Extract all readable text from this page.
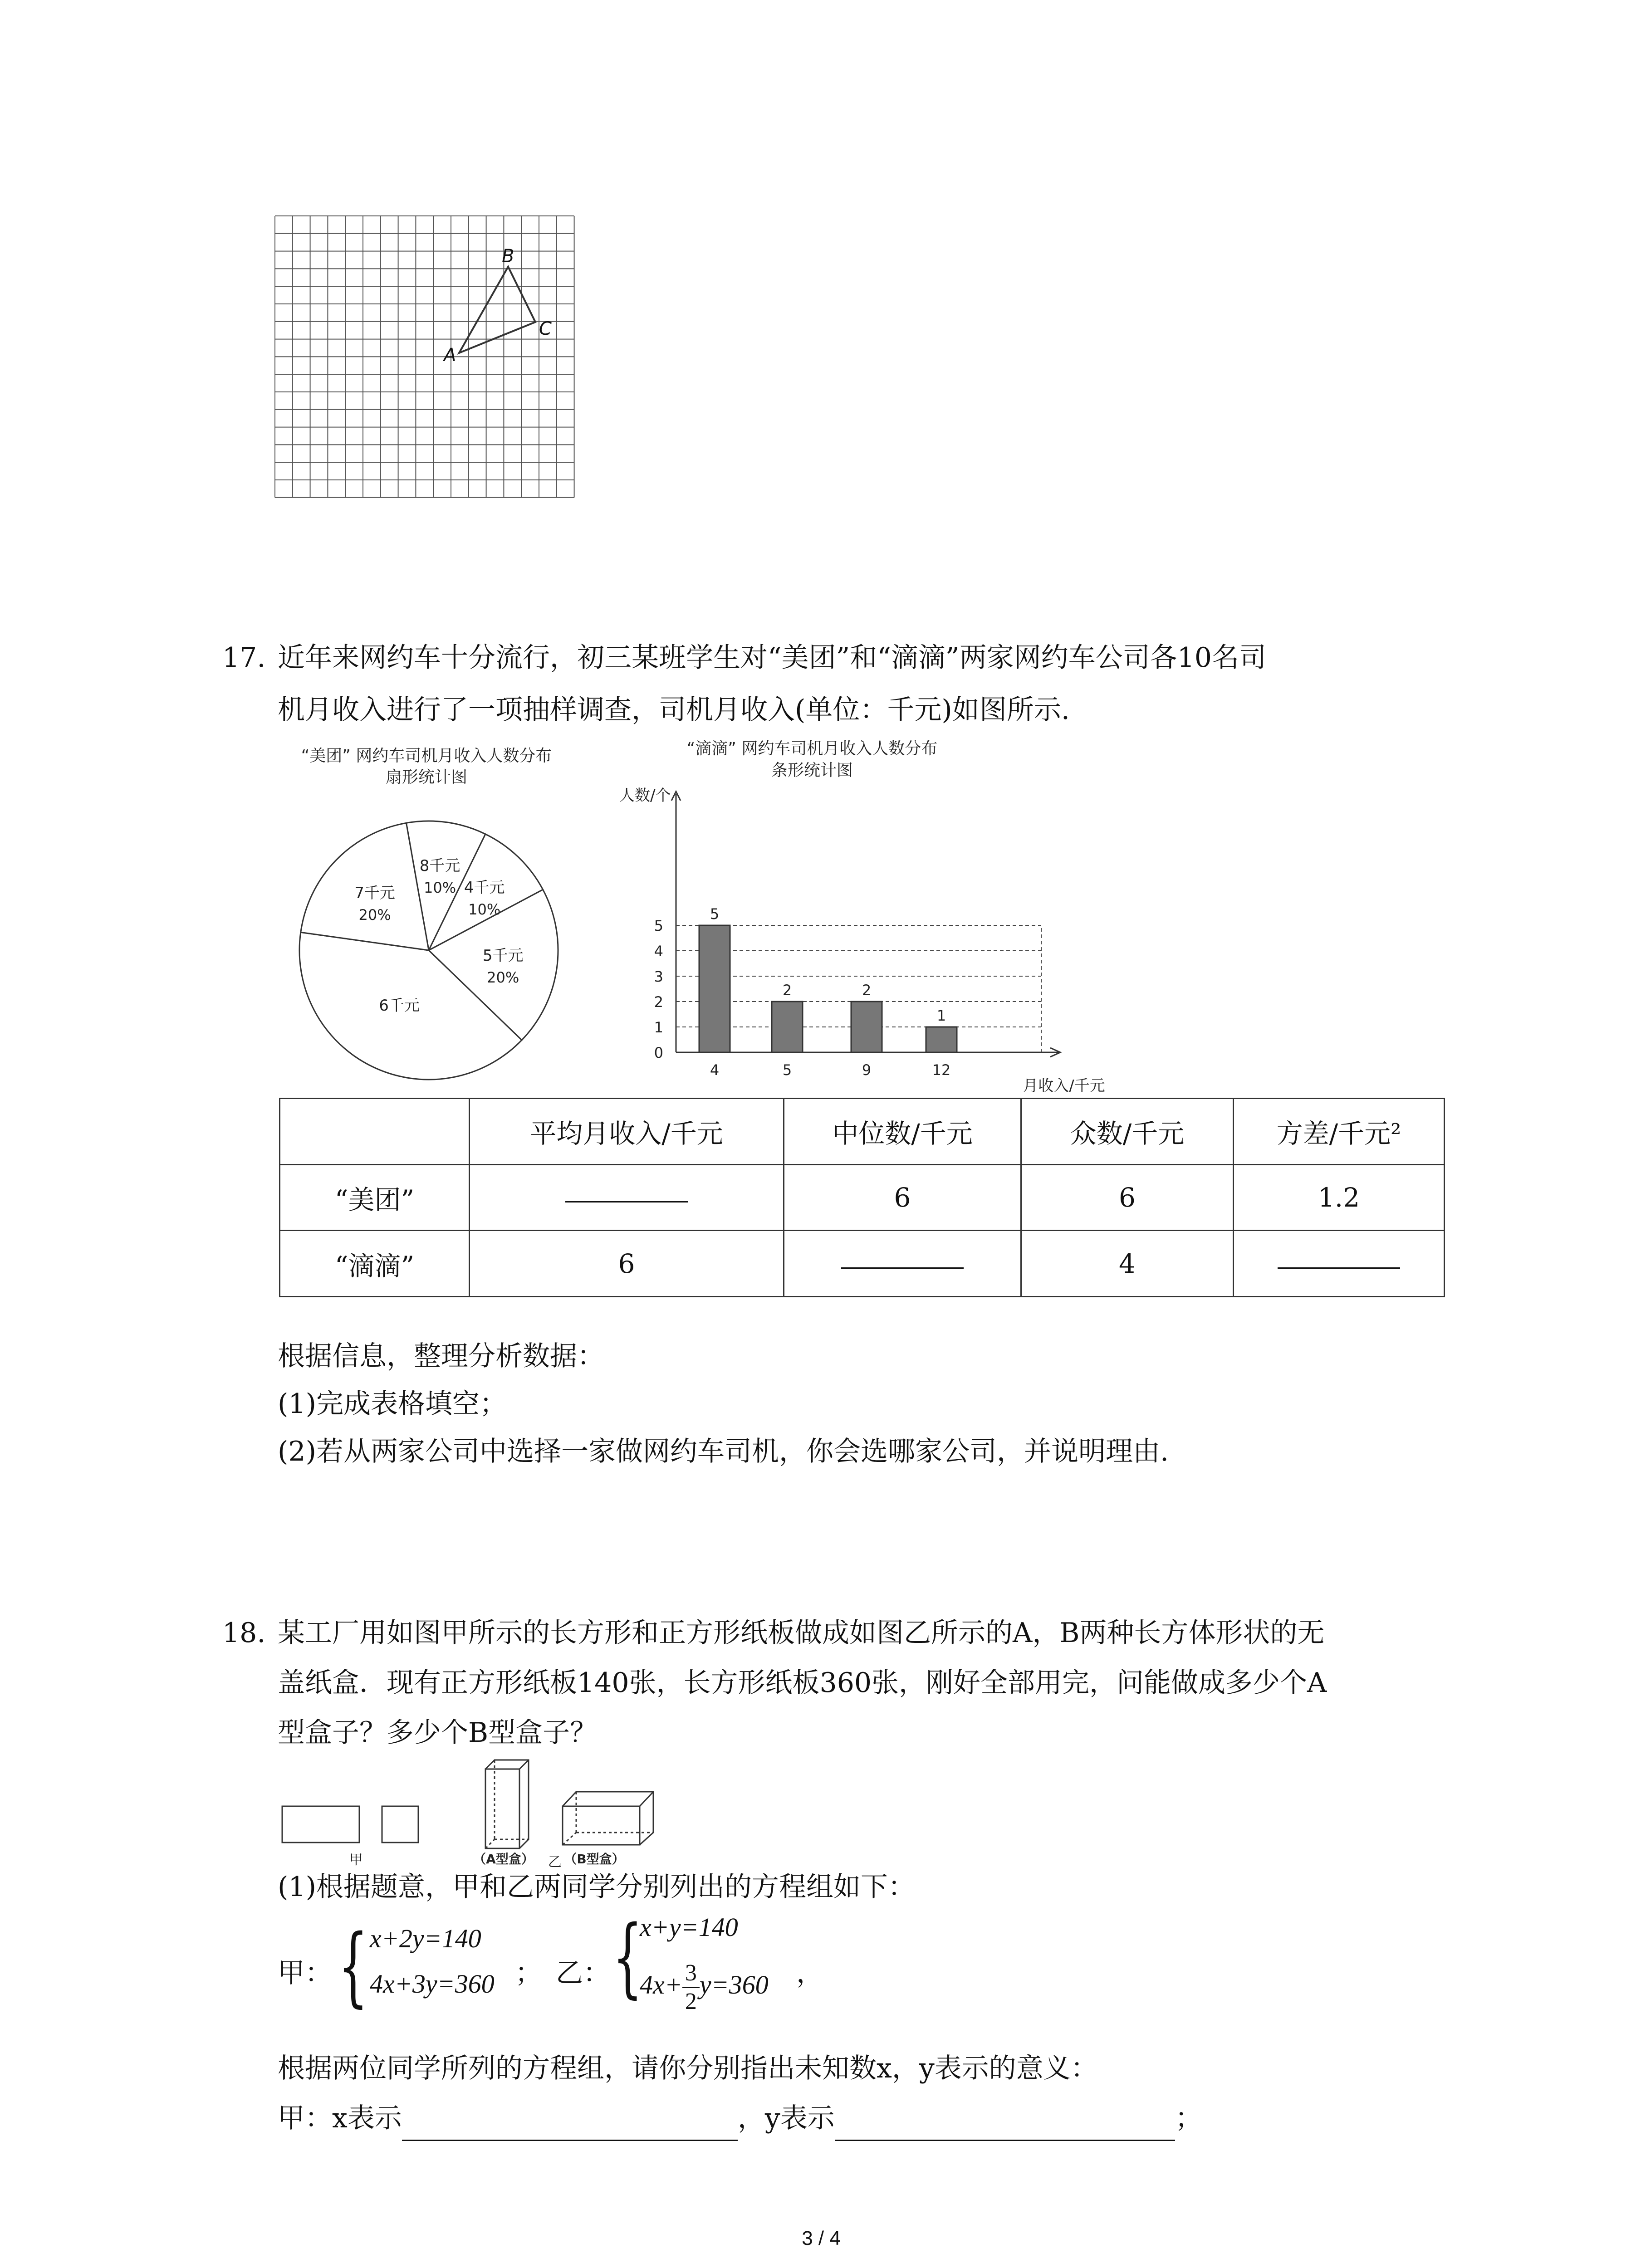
A
B
C
17. 近年来网约车十分流行，初三某班学生对“美团”和“滴滴”两家网约车公司各10名司
机月收入进行了一项抽样调查，司机月收入(单位：千元)如图所示.
“美团” 网约车司机月收入人数分布
扇形统计图
8千元
10% 4千元
10%
5千元
20%
6千元
7千元
20%
“滴滴” 网约车司机月收入人数分布
条形统计图
人数/个
0
1
2
3
4
5
5
4
2
5
2
9
1
12
月收入/千元
	平均月收入/千元	中位数/千元	众数/千元	方差/千元²
“美团”		6	6	1.2
“滴滴”	6		4	
根据信息，整理分析数据：
(1)完成表格填空；
(2)若从两家公司中选择一家做网约车司机，你会选哪家公司，并说明理由.
18. 某工厂用如图甲所示的长方形和正方形纸板做成如图乙所示的A，B两种长方体形状的无
盖纸盒．现有正方形纸板140张，长方形纸板360张，刚好全部用完，问能做成多少个A
型盒子？多少个B型盒子？
甲	（A型盒） 乙 （B型盒）
(1)根据题意，甲和乙两同学分别列出的方程组如下：
甲： { x+2y=140
4x+3y=360 ； 乙： {
x+y=140
$4x+ \frac{3}{2} y=360$ ，
根据两位同学所列的方程组，请你分别指出未知数x，y表示的意义：
甲：x表示	，y表示	；
3 / 4
